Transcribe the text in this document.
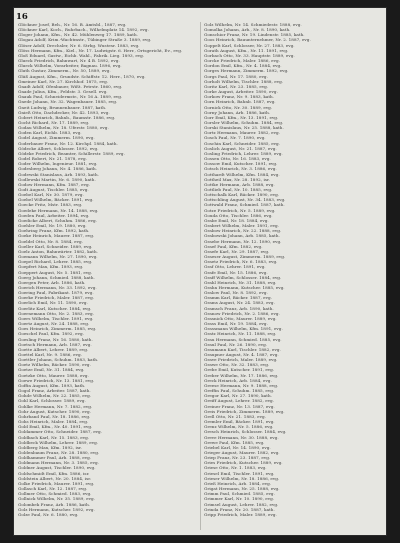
16
Glöckner Josef, Beh., Nr. 16. B. Amtsbl., 1887, evg.
Glöckner Karl, Koch., Ruhrbach., Wilhelmplatz 14. 1892, evg.
Gloger Johann, Kfm., Nr. 42. Mühlenweg 17. 1889, kath.
Glogau Adolf, Krim.-Wachtmstr., Tübinger Straße 3. 1889, evg.
Glöser Adolf, Drechsler, Nr. 6. Strbg. Wustesr. 1883, evg.
Glöss Hermann, Kfm., Kiel., Nr. 17. Ludwigstr. 6. Herr., Ortsgericht, Ev., evg.
Gloß Eduard, Gastw., Eichb. Wahl., Fabrik. Lieg. 1893, evg.
Glueck Friedrich, Bahnwart, Nr. 4 B. 1892, evg.
Glueck Wilhelm, Vorarbeiter, Bagnau. 1896, evg.
Gluth Gustav, Zimmerm., Nr. 50, 1889, evg.
Glüß August, Kfm., Grundstr. Schiffstr. 12. Herr., 1870, evg.
Gmeiner Karl, Nr. 27. Kirchhof. 1875, evg.
Gnadt Adolf, Ofenbauer, Wißt. Petrstr. 1860, evg.
Gnade Julius, Kfm., Feldstr. 3. Gesell. evg.
Gnauk Paul, Schneidermstr., Nr. 16 A. 1889, evg.
Gnede Johann, Nr. 32. Wagenbauer. 1885, evg.
Gneit Ludwig, Brunnenbauer. 1887, kath.
Gnieß Otto, Dachdecker, Nr. 42. 1893, evg.
Gobert Heinrich, Bahnb., Baumstr. 1886, evg.
Gocht Richard, Nr. 17. 1889, evg.
Godau Wilhelm, Nr. 18. Uferstr. 1880, evg.
Goden Karl, Eichb. 1883, evg.
Godel August, Zimmerm. 1890, evg.
Goderbauer Franz, Nr. 12. Kirchpl. 1884, kath.
Gödecke Albert, Schlosser. 1892, evg.
Gödeke Friedrich, Beamter, Schillerstr. 1889, evg.
Godel Robert, Nr. 21. 1878, evg.
Goder Wilhelm, Ingenieur. 1881, evg.
Godesberg Johann, Nr. 4. 1886, kath.
Godewski Stanislaus, Arb. 1893, kath.
Godlewski Martin, Nr. 6. 1890, kath.
Godow Hermann, Kfm. 1887, evg.
Godt August, Tischler. 1885, evg.
Goebel Karl, Nr. 30. 1879, evg.
Goebel Wilhelm, Bäcker. 1891, evg.
Goecke Fritz, Mstr. 1883, evg.
Goedeke Hermann, Nr. 14. 1888, evg.
Goeden Paul, Arbeiter. 1894, evg.
Goedicke Albert, Schuhm. 1886, evg.
Goehler Emil, Nr. 19. 1880, evg.
Goehring Franz, Kfm. 1892, kath.
Goeke Heinrich, Maurer. 1887, evg.
Goeldel Otto, Nr. 8. 1884, evg.
Goeller Karl, Schneider. 1889, evg.
Goelz Anton, Bahnwärter. 1882, kath.
Goemann Wilhelm, Nr. 27. 1890, evg.
Goepel Richard, Lehrer. 1885, evg.
Goepfert Max, Kfm. 1893, evg.
Goeppert August, Nr. 5. 1881, evg.
Goerg Johann, Schmied. 1888, kath.
Goergen Peter, Arb. 1886, kath.
Goerich Hermann, Nr. 33. 1892, evg.
Goering Paul, Fabrikant. 1879, evg.
Goerke Friedrich, Maler. 1887, evg.
Goerlich Emil, Nr. 11. 1890, evg.
Goerlitz Karl, Kutscher. 1884, evg.
Goernemann Otto, Nr. 2. 1883, evg.
Goers Wilhelm, Tischler. 1891, evg.
Goertz August, Nr. 24. 1888, evg.
Goes Heinrich, Zimmerm. 1885, evg.
Goeschel Paul, Kfm. 1892, evg.
Goesling Franz, Nr. 16. 1880, kath.
Goetsch Hermann, Arb. 1887, evg.
Goette Albert, Lehrer. 1889, evg.
Goettel Karl, Nr. 9. 1886, evg.
Goettler Johann, Schuhm. 1883, kath.
Goetz Wilhelm, Bäcker. 1890, evg.
Goetze Emil, Nr. 31. 1884, evg.
Goetzke Otto, Maurer. 1888, evg.
Goewe Friedrich, Nr. 13. 1881, evg.
Goffin August, Kfm. 1893, kath.
Gogol Franz, Arbeiter. 1887, kath.
Gohde Wilhelm, Nr. 22. 1885, evg.
Gohl Karl, Schlosser. 1889, evg.
Gohlke Hermann, Nr. 7. 1882, evg.
Gohr August, Kutscher. 1890, evg.
Gohrband Paul, Nr. 18. 1886, evg.
Gohs Heinrich, Maler. 1884, evg.
Gold Emil, Kfm., Nr. 40. 1891, evg.
Goldammer Otto, Schneider. 1887, evg.
Goldbach Karl, Nr. 15. 1883, evg.
Goldbeck Wilhelm, Lehrer. 1889, evg.
Goldberg Max, Kfm. 1892, isr.
Goldenbaum Franz, Nr. 28. 1880, evg.
Goldhammer Paul, Arb. 1888, evg.
Goldmann Hermann, Nr. 3. 1885, evg.
Goldner August, Tischler. 1890, evg.
Goldschmidt Emil, Kfm. 1886, isr.
Goldstein Albert, Nr. 20. 1884, isr.
Golke Friedrich, Maurer. 1891, evg.
Gollasch Karl, Nr. 12. 1887, evg.
Gollmer Otto, Schmied. 1883, evg.
Gollnick Wilhelm, Nr. 35. 1889, evg.
Golombek Franz, Arb. 1886, kath.
Golz Hermann, Kutscher. 1892, evg.
Golze Paul, Nr. 6. 1880, evg.
Golz Wilhelm, Nr. 14. Schmiedestr. 1888, evg.
Gomolka Johann, Arb., Nr. 8. 1890, kath.
Gonschior Franz, Nr. 19. Lindenstr. 1885, kath.
Goos Heinrich, Bauunternehmer, Nr. 2. 1887, evg.
Goppelt Karl, Schlosser, Nr. 27. 1883, evg.
Gorath August, Kfm., Nr. 11. 1891, evg.
Gorbach Otto, Nr. 33. Hauptstr. 1889, evg.
Gorcke Friedrich, Maler. 1886, evg.
Gordon Emil, Kfm., Nr. 4. 1884, evg.
Gorges Hermann, Zimmerm. 1892, evg.
Gorgs Paul, Nr. 17. 1880, evg.
Gorholt Wilhelm, Tischler. 1888, evg.
Goritz Karl, Nr. 23. 1885, evg.
Gorke August, Arbeiter. 1890, evg.
Gorkow Franz, Nr. 9. 1883, kath.
Gorn Heinrich, Bahnb. 1887, evg.
Gornick Otto, Nr. 30. 1889, evg.
Gorny Johann, Arb. 1886, kath.
Gorr Emil, Kfm., Nr. 13. 1891, evg.
Gorsler Wilhelm, Schuhm. 1884, evg.
Gorski Stanislaus, Nr. 25. 1888, kath.
Gortz Hermann, Maurer. 1882, evg.
Gosch Paul, Nr. 7. 1890, evg.
Goschin Karl, Schneider. 1885, evg.
Goslich August, Nr. 21. 1887, evg.
Gosling Friedrich, Lehrer. 1889, evg.
Gossen Otto, Nr. 16. 1883, evg.
Gossow Emil, Kutscher. 1891, evg.
Gotsch Heinrich, Nr. 3. 1886, evg.
Gotthardt Wilhelm, Kfm. 1884, evg.
Gottheil Max, Nr. 28. 1892, isr.
Gottke Hermann, Arb. 1888, evg.
Gottlieb Paul, Nr. 10. 1885, evg.
Gottschalk Karl, Bäcker. 1890, evg.
Gottschling August, Nr. 34. 1883, evg.
Gottwald Franz, Schmied. 1887, kath.
Gotze Friedrich, Nr. 5. 1889, evg.
Gouda Otto, Tischler. 1886, evg.
Grabe Emil, Nr. 18. 1884, evg.
Grabert Wilhelm, Maler. 1891, evg.
Grabow Heinrich, Nr. 22. 1888, evg.
Grabowski Johann, Arb. 1885, kath.
Graebe Hermann, Nr. 12. 1890, evg.
Graef Paul, Kfm. 1882, evg.
Graefe Karl, Nr. 29. 1887, evg.
Graeser August, Zimmerm. 1889, evg.
Graetz Friedrich, Nr. 6. 1883, evg.
Graf Otto, Lehrer. 1891, evg.
Grafe Emil, Nr. 15. 1886, evg.
Graff Wilhelm, Schlosser. 1884, evg.
Grahl Heinrich, Nr. 31. 1888, evg.
Grahn Hermann, Kutscher. 1885, evg.
Gralow Paul, Nr. 8. 1892, evg.
Gramm Karl, Bäcker. 1887, evg.
Grams August, Nr. 24. 1883, evg.
Gramsch Franz, Arb. 1890, kath.
Granow Friedrich, Nr. 2. 1886, evg.
Grasnick Otto, Maurer. 1889, evg.
Grass Emil, Nr. 19. 1884, evg.
Grassmann Wilhelm, Kfm. 1891, evg.
Gratz Heinrich, Nr. 11. 1888, evg.
Grau Hermann, Schmied. 1885, evg.
Graul Paul, Nr. 26. 1890, evg.
Graumann Karl, Tischler. 1882, evg.
Graupner August, Nr. 4. 1887, evg.
Grave Friedrich, Maler. 1889, evg.
Grawe Otto, Nr. 32. 1883, evg.
Grebe Emil, Kutscher. 1891, evg.
Greber Wilhelm, Nr. 17. 1886, evg.
Greck Heinrich, Arb. 1884, evg.
Greese Hermann, Nr. 9. 1888, evg.
Greffin Paul, Schuhm. 1885, evg.
Gregor Karl, Nr. 27. 1890, kath.
Greiff August, Lehrer. 1882, evg.
Greiner Franz, Nr. 13. 1887, evg.
Greis Friedrich, Zimmerm. 1889, evg.
Grell Otto, Nr. 21. 1883, evg.
Gremler Emil, Bäcker. 1891, evg.
Grenz Wilhelm, Nr. 5. 1886, evg.
Gresch Heinrich, Schlosser. 1884, evg.
Greve Hermann, Nr. 30. 1888, evg.
Grewe Paul, Kfm. 1885, evg.
Griebel Karl, Nr. 14. 1890, evg.
Grieger August, Maurer. 1882, evg.
Griep Franz, Nr. 23. 1887, evg.
Gries Friedrich, Kutscher. 1889, evg.
Griese Otto, Nr. 1. 1883, evg.
Griesel Emil, Tischler. 1891, evg.
Grieser Wilhelm, Nr. 18. 1886, evg.
Grieß Heinrich, Arb. 1884, evg.
Grigat Hermann, Nr. 25. 1888, evg.
Grimm Paul, Schmied. 1885, evg.
Grimmer Karl, Nr. 10. 1890, evg.
Grimsel August, Lehrer. 1882, evg.
Grinda Franz, Nr. 20. 1887, kath.
Gripp Friedrich, Maler. 1889, evg.
